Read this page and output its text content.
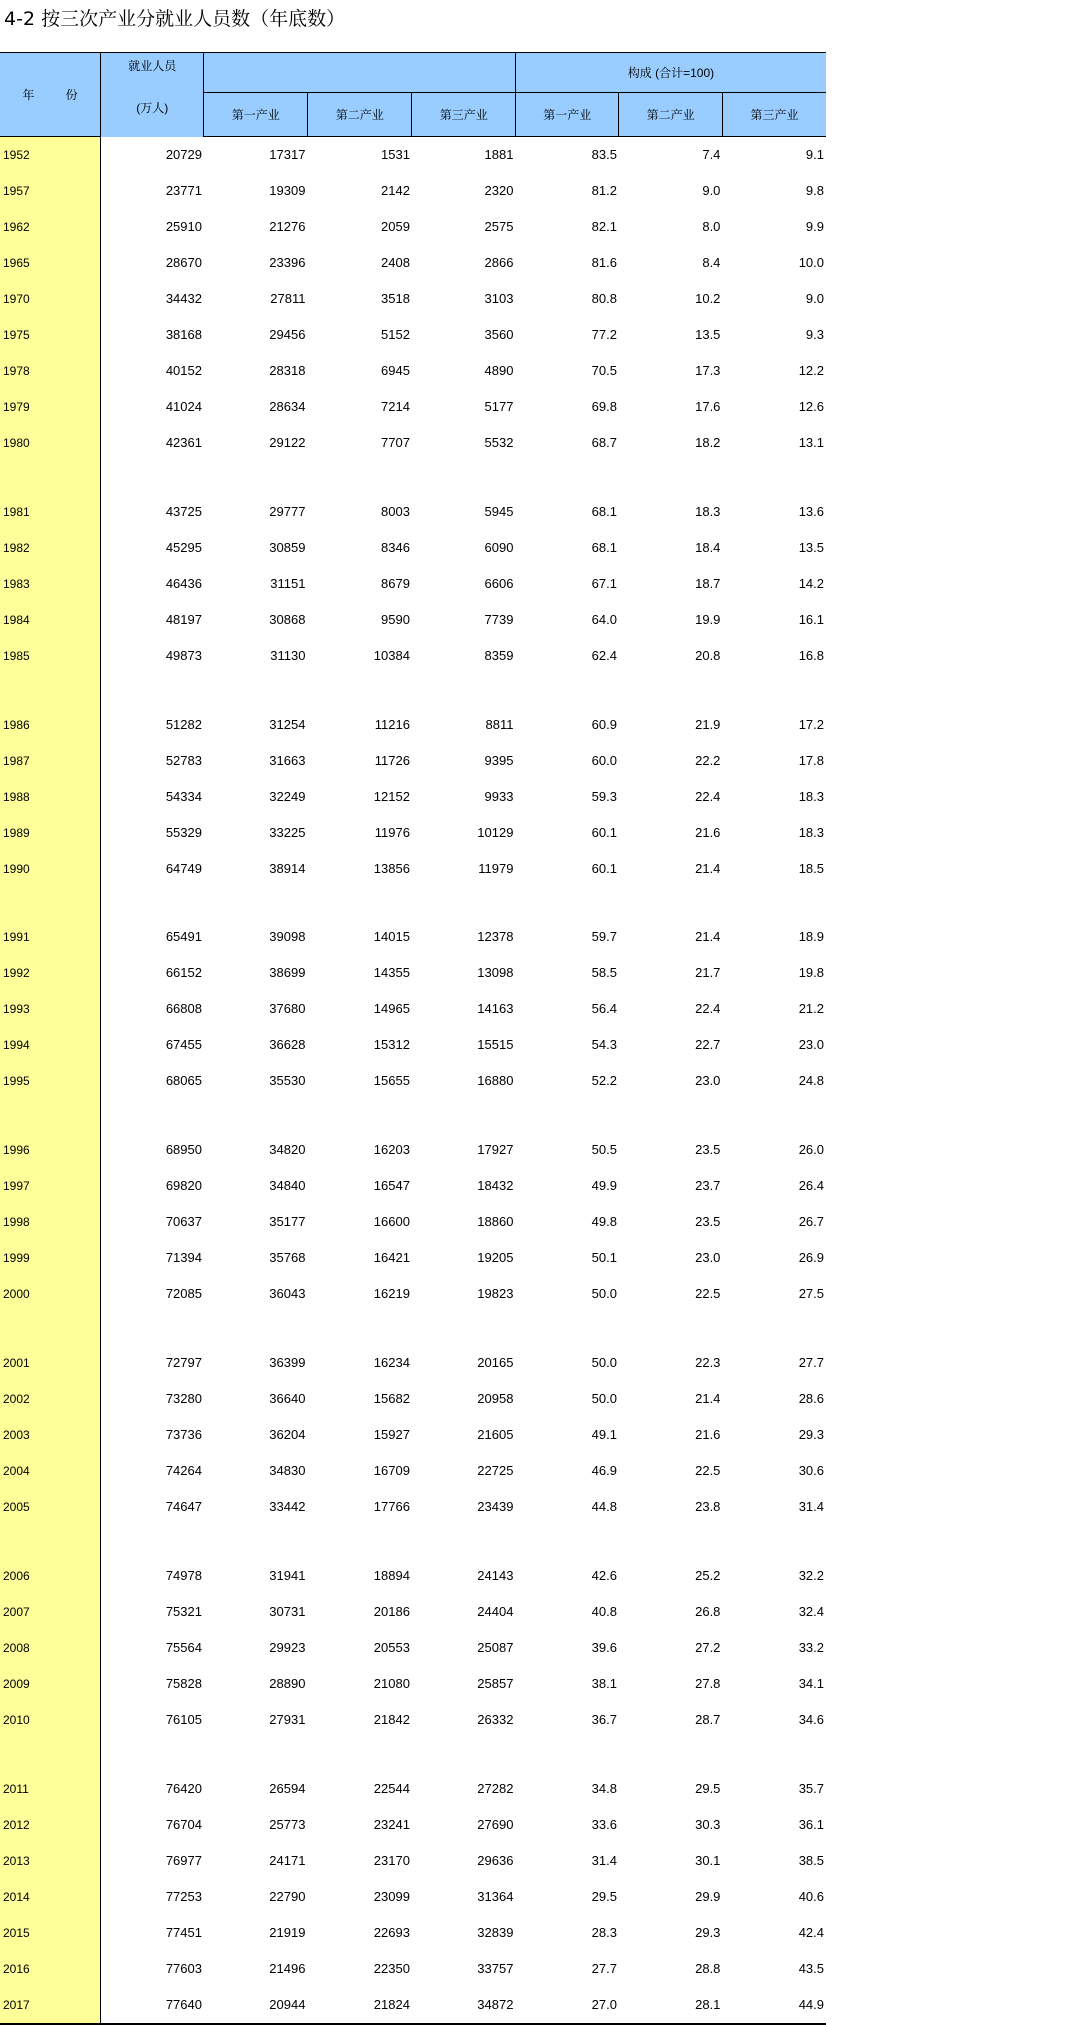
4-2 按三次产业分就业人员数（年底数）
年 份	就业人员
(万人)				构成 (合计=100)		
		第一产业	第二产业	第三产业	第一产业	第二产业	第三产业
1952	20729	17317	1531	1881	83.5	7.4	9.1
1957	23771	19309	2142	2320	81.2	9.0	9.8
1962	25910	21276	2059	2575	82.1	8.0	9.9
1965	28670	23396	2408	2866	81.6	8.4	10.0
1970	34432	27811	3518	3103	80.8	10.2	9.0
1975	38168	29456	5152	3560	77.2	13.5	9.3
1978	40152	28318	6945	4890	70.5	17.3	12.2
1979	41024	28634	7214	5177	69.8	17.6	12.6
1980	42361	29122	7707	5532	68.7	18.2	13.1

1981	43725	29777	8003	5945	68.1	18.3	13.6
1982	45295	30859	8346	6090	68.1	18.4	13.5
1983	46436	31151	8679	6606	67.1	18.7	14.2
1984	48197	30868	9590	7739	64.0	19.9	16.1
1985	49873	31130	10384	8359	62.4	20.8	16.8

1986	51282	31254	11216	8811	60.9	21.9	17.2
1987	52783	31663	11726	9395	60.0	22.2	17.8
1988	54334	32249	12152	9933	59.3	22.4	18.3
1989	55329	33225	11976	10129	60.1	21.6	18.3
1990	64749	38914	13856	11979	60.1	21.4	18.5

1991	65491	39098	14015	12378	59.7	21.4	18.9
1992	66152	38699	14355	13098	58.5	21.7	19.8
1993	66808	37680	14965	14163	56.4	22.4	21.2
1994	67455	36628	15312	15515	54.3	22.7	23.0
1995	68065	35530	15655	16880	52.2	23.0	24.8

1996	68950	34820	16203	17927	50.5	23.5	26.0
1997	69820	34840	16547	18432	49.9	23.7	26.4
1998	70637	35177	16600	18860	49.8	23.5	26.7
1999	71394	35768	16421	19205	50.1	23.0	26.9
2000	72085	36043	16219	19823	50.0	22.5	27.5

2001	72797	36399	16234	20165	50.0	22.3	27.7
2002	73280	36640	15682	20958	50.0	21.4	28.6
2003	73736	36204	15927	21605	49.1	21.6	29.3
2004	74264	34830	16709	22725	46.9	22.5	30.6
2005	74647	33442	17766	23439	44.8	23.8	31.4

2006	74978	31941	18894	24143	42.6	25.2	32.2
2007	75321	30731	20186	24404	40.8	26.8	32.4
2008	75564	29923	20553	25087	39.6	27.2	33.2
2009	75828	28890	21080	25857	38.1	27.8	34.1
2010	76105	27931	21842	26332	36.7	28.7	34.6

2011	76420	26594	22544	27282	34.8	29.5	35.7
2012	76704	25773	23241	27690	33.6	30.3	36.1
2013	76977	24171	23170	29636	31.4	30.1	38.5
2014	77253	22790	23099	31364	29.5	29.9	40.6
2015	77451	21919	22693	32839	28.3	29.3	42.4
2016	77603	21496	22350	33757	27.7	28.8	43.5
2017	77640	20944	21824	34872	27.0	28.1	44.9
